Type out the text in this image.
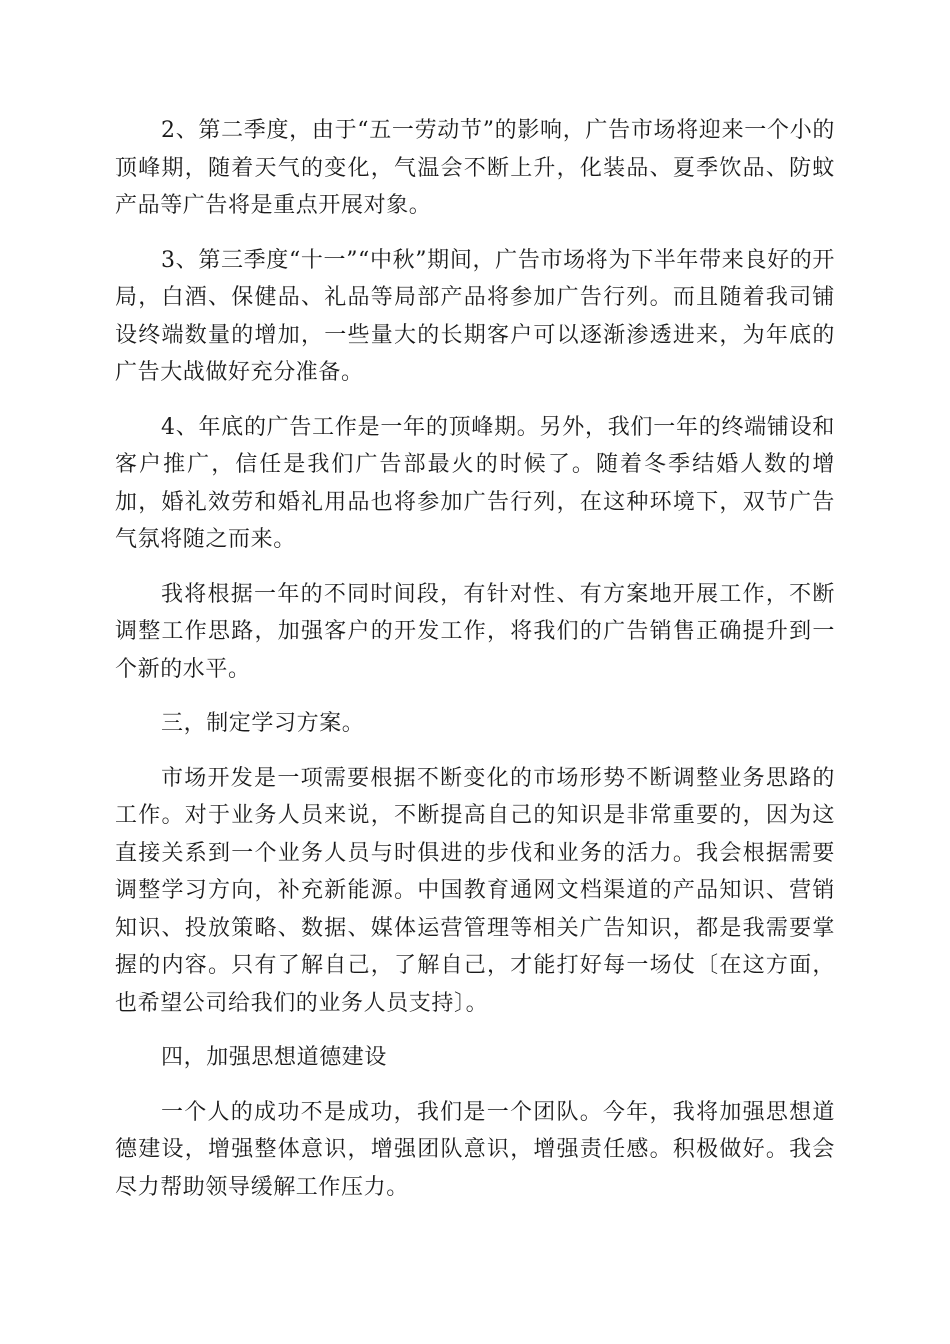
2、第二季度，由于“五一劳动节”的影响，广告市场将迎来一个小的顶峰期，随着天气的变化，气温会不断上升，化装品、夏季饮品、防蚊产品等广告将是重点开展对象。

3、第三季度“十一”“中秋”期间，广告市场将为下半年带来良好的开局，白酒、保健品、礼品等局部产品将参加广告行列。而且随着我司铺设终端数量的增加，一些量大的长期客户可以逐渐渗透进来，为年底的广告大战做好充分准备。

4、年底的广告工作是一年的顶峰期。另外，我们一年的终端铺设和客户推广，信任是我们广告部最火的时候了。随着冬季结婚人数的增加，婚礼效劳和婚礼用品也将参加广告行列，在这种环境下，双节广告气氛将随之而来。

我将根据一年的不同时间段，有针对性、有方案地开展工作，不断调整工作思路，加强客户的开发工作，将我们的广告销售正确提升到一个新的水平。

三，制定学习方案。

市场开发是一项需要根据不断变化的市场形势不断调整业务思路的工作。对于业务人员来说，不断提高自己的知识是非常重要的，因为这直接关系到一个业务人员与时俱进的步伐和业务的活力。我会根据需要调整学习方向，补充新能源。中国教育通网文档渠道的产品知识、营销知识、投放策略、数据、媒体运营管理等相关广告知识，都是我需要掌握的内容。只有了解自己，了解自己，才能打好每一场仗〔在这方面，也希望公司给我们的业务人员支持〕。

四，加强思想道德建设

一个人的成功不是成功，我们是一个团队。今年，我将加强思想道德建设，增强整体意识，增强团队意识，增强责任感。积极做好。我会尽力帮助领导缓解工作压力。
